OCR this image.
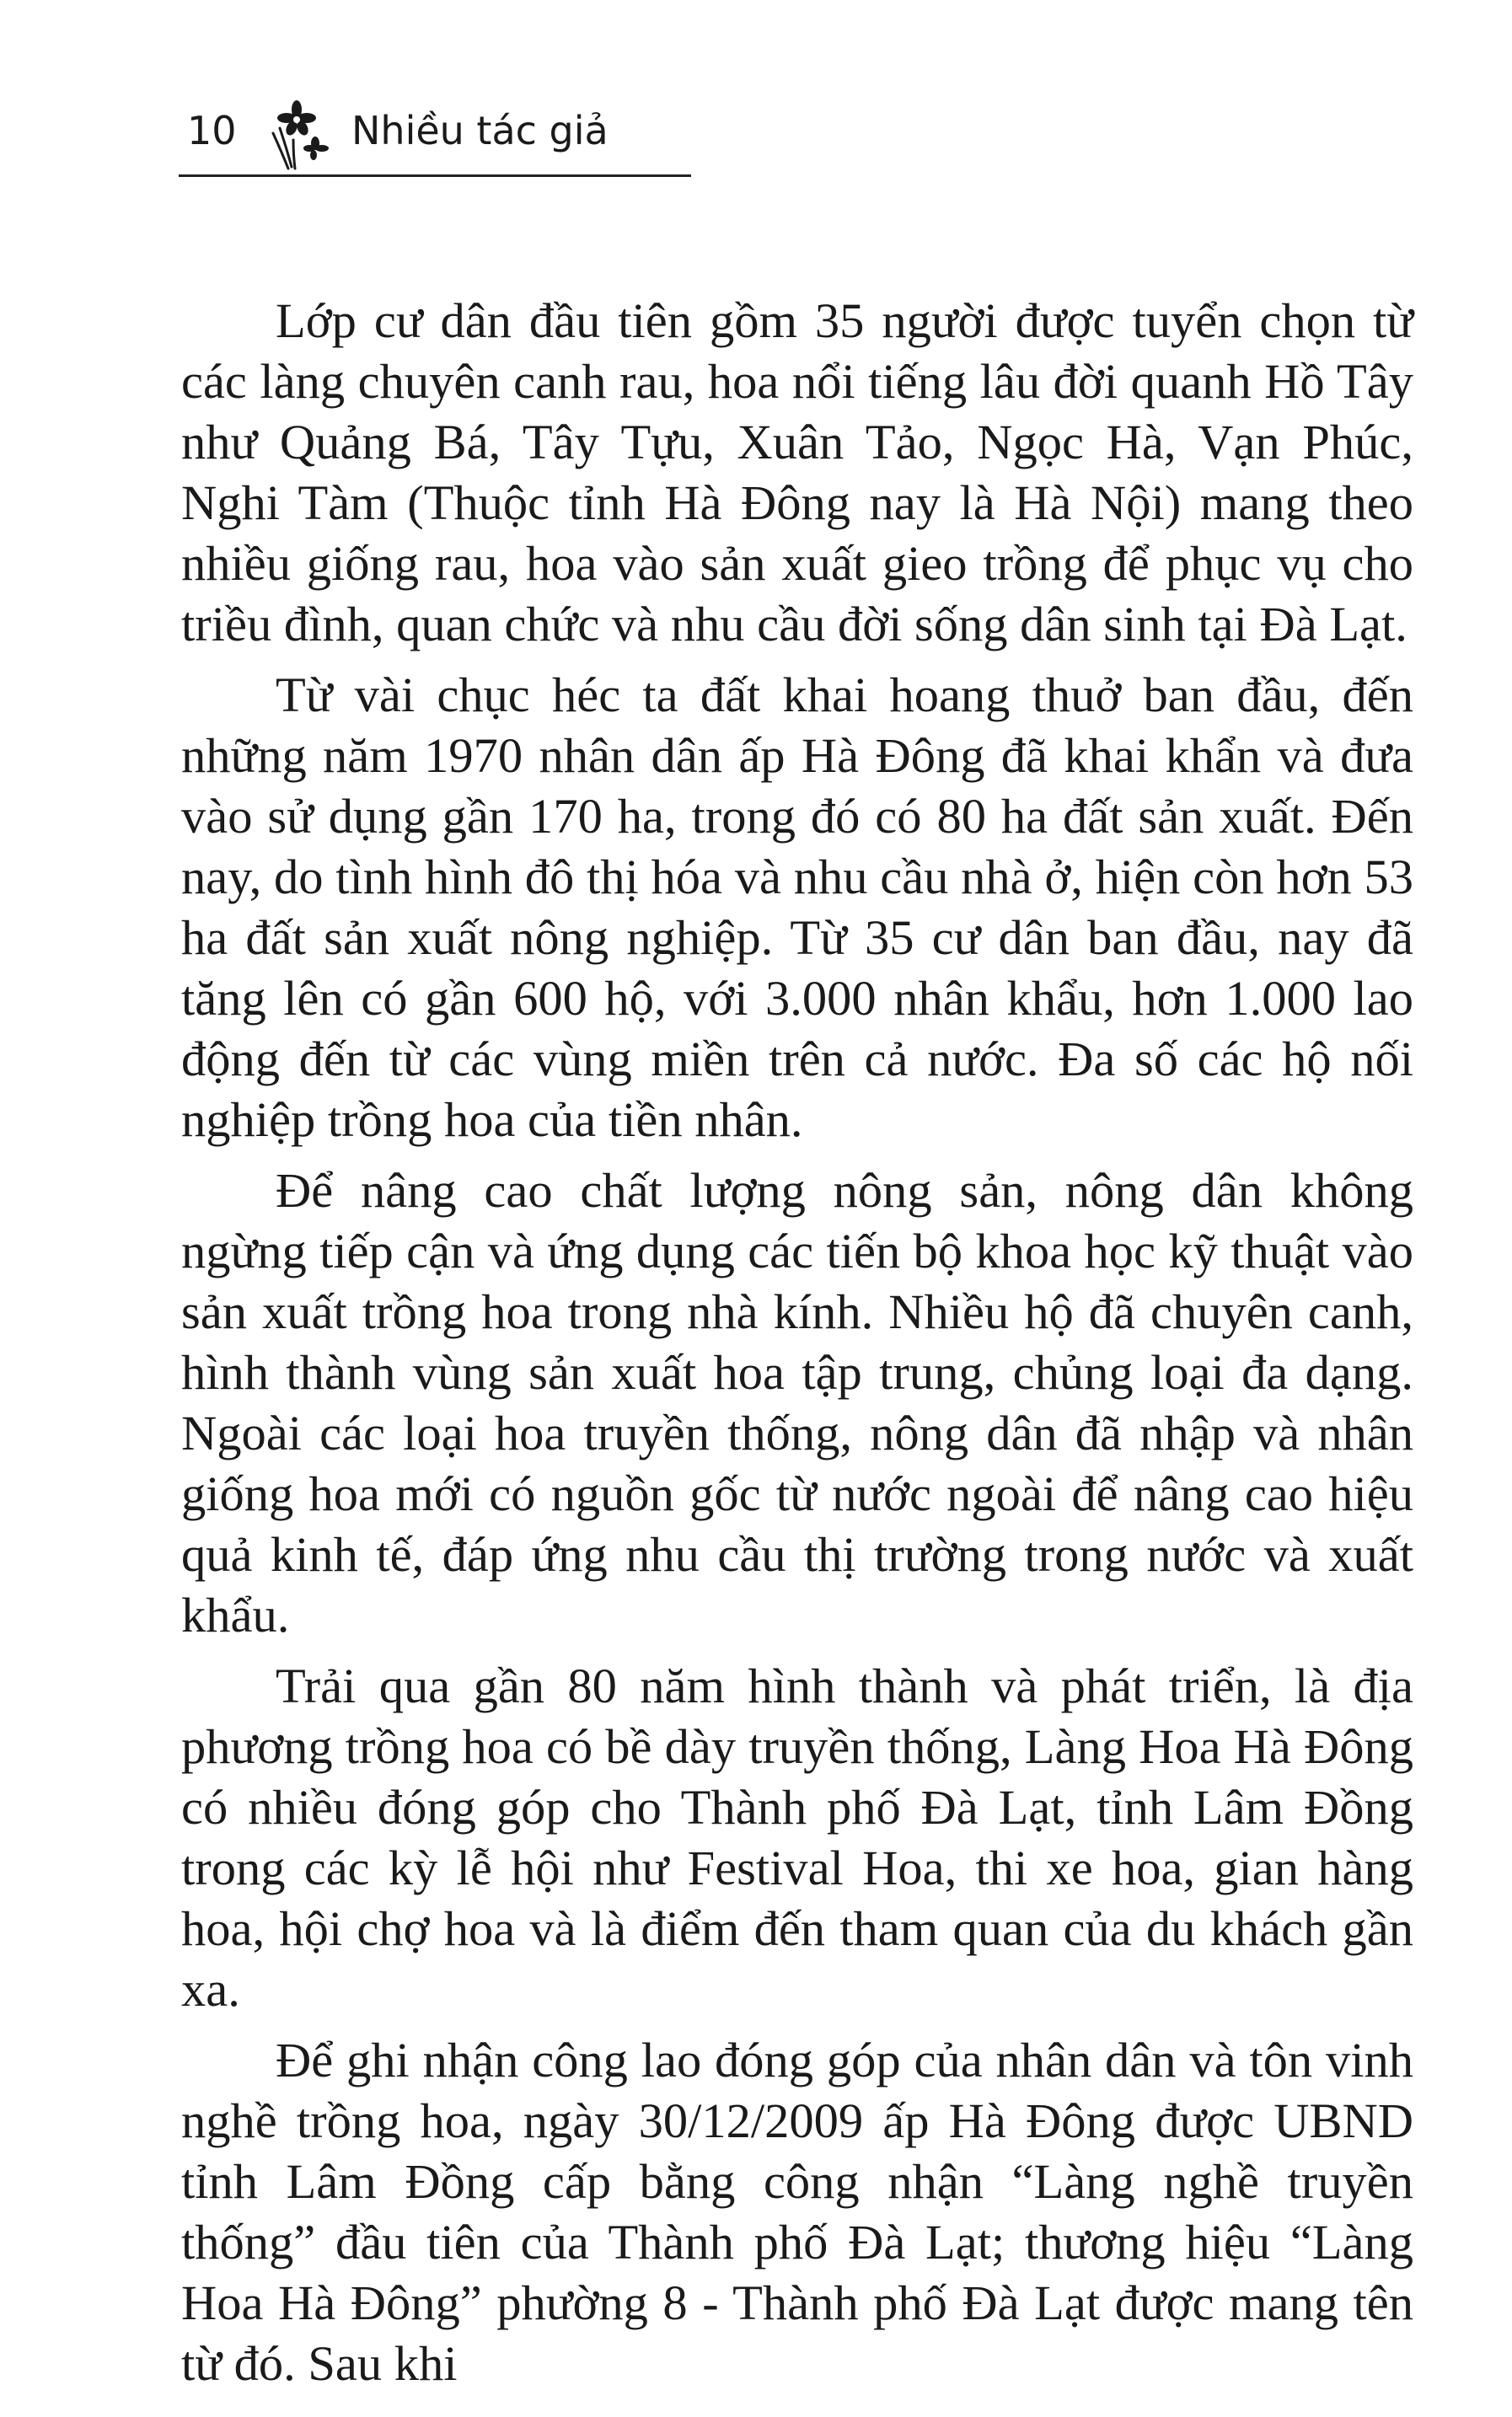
10	Nhiều tác giả

Lớp cư dân đầu tiên gồm 35 người được tuyển chọn từ các làng chuyên canh rau, hoa nổi tiếng lâu đời quanh Hồ Tây như Quảng Bá, Tây Tựu, Xuân Tảo, Ngọc Hà, Vạn Phúc, Nghi Tàm (Thuộc tỉnh Hà Đông nay là Hà Nội) mang theo nhiều giống rau, hoa vào sản xuất gieo trồng để phục vụ cho triều đình, quan chức và nhu cầu đời sống dân sinh tại Đà Lạt.

Từ vài chục héc ta đất khai hoang thuở ban đầu, đến những năm 1970 nhân dân ấp Hà Đông đã khai khẩn và đưa vào sử dụng gần 170 ha, trong đó có 80 ha đất sản xuất. Đến nay, do tình hình đô thị hóa và nhu cầu nhà ở, hiện còn hơn 53 ha đất sản xuất nông nghiệp. Từ 35 cư dân ban đầu, nay đã tăng lên có gần 600 hộ, với 3.000 nhân khẩu, hơn 1.000 lao động đến từ các vùng miền trên cả nước. Đa số các hộ nối nghiệp trồng hoa của tiền nhân.

Để nâng cao chất lượng nông sản, nông dân không ngừng tiếp cận và ứng dụng các tiến bộ khoa học kỹ thuật vào sản xuất trồng hoa trong nhà kính. Nhiều hộ đã chuyên canh, hình thành vùng sản xuất hoa tập trung, chủng loại đa dạng. Ngoài các loại hoa truyền thống, nông dân đã nhập và nhân giống hoa mới có nguồn gốc từ nước ngoài để nâng cao hiệu quả kinh tế, đáp ứng nhu cầu thị trường trong nước và xuất khẩu.

Trải qua gần 80 năm hình thành và phát triển, là địa phương trồng hoa có bề dày truyền thống, Làng Hoa Hà Đông có nhiều đóng góp cho Thành phố Đà Lạt, tỉnh Lâm Đồng trong các kỳ lễ hội như Festival Hoa, thi xe hoa, gian hàng hoa, hội chợ hoa và là điểm đến tham quan của du khách gần xa.

Để ghi nhận công lao đóng góp của nhân dân và tôn vinh nghề trồng hoa, ngày 30/12/2009 ấp Hà Đông được UBND tỉnh Lâm Đồng cấp bằng công nhận “Làng nghề truyền thống” đầu tiên của Thành phố Đà Lạt; thương hiệu “Làng Hoa Hà Đông” phường 8 - Thành phố Đà Lạt được mang tên từ đó. Sau khi
